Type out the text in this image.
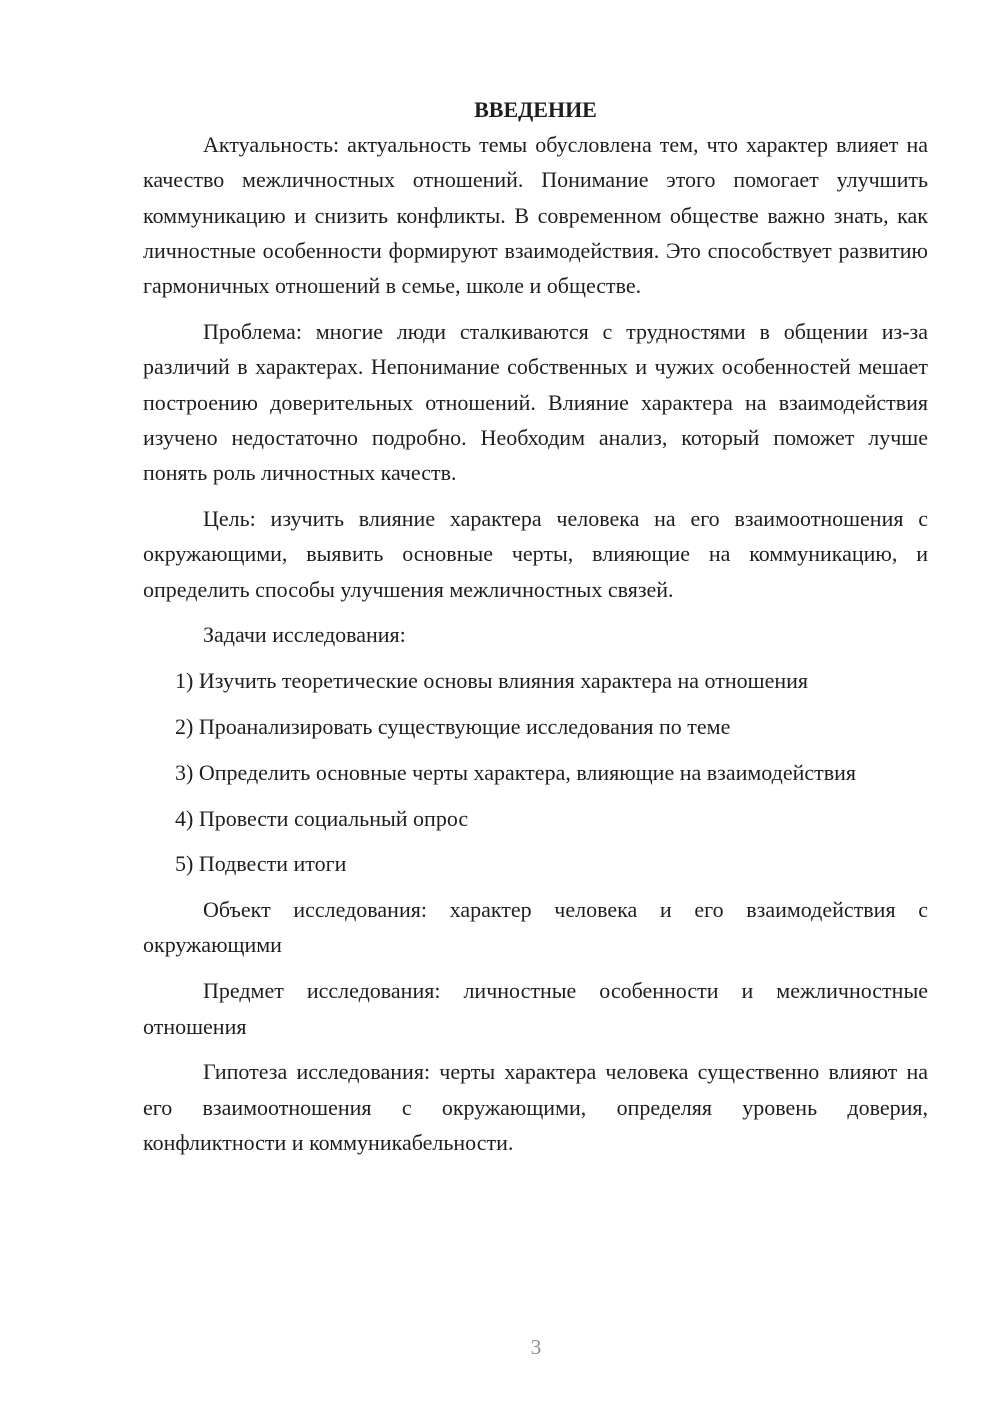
ВВЕДЕНИЕ

Актуальность: актуальность темы обусловлена тем, что характер влияет на качество межличностных отношений. Понимание этого помогает улучшить коммуникацию и снизить конфликты. В современном обществе важно знать, как личностные особенности формируют взаимодействия. Это способствует развитию гармоничных отношений в семье, школе и обществе.

Проблема: многие люди сталкиваются с трудностями в общении из-за различий в характерах. Непонимание собственных и чужих особенностей мешает построению доверительных отношений. Влияние характера на взаимодействия изучено недостаточно подробно. Необходим анализ, который поможет лучше понять роль личностных качеств.

Цель: изучить влияние характера человека на его взаимоотношения с окружающими, выявить основные черты, влияющие на коммуникацию, и определить способы улучшения межличностных связей.

Задачи исследования:

1) Изучить теоретические основы влияния характера на отношения

2) Проанализировать существующие исследования по теме

3) Определить основные черты характера, влияющие на взаимодействия

4) Провести социальный опрос

5) Подвести итоги

Объект исследования: характер человека и его взаимодействия с окружающими

Предмет исследования: личностные особенности и межличностные отношения

Гипотеза исследования: черты характера человека существенно влияют на его взаимоотношения с окружающими, определяя уровень доверия, конфликтности и коммуникабельности.

3
